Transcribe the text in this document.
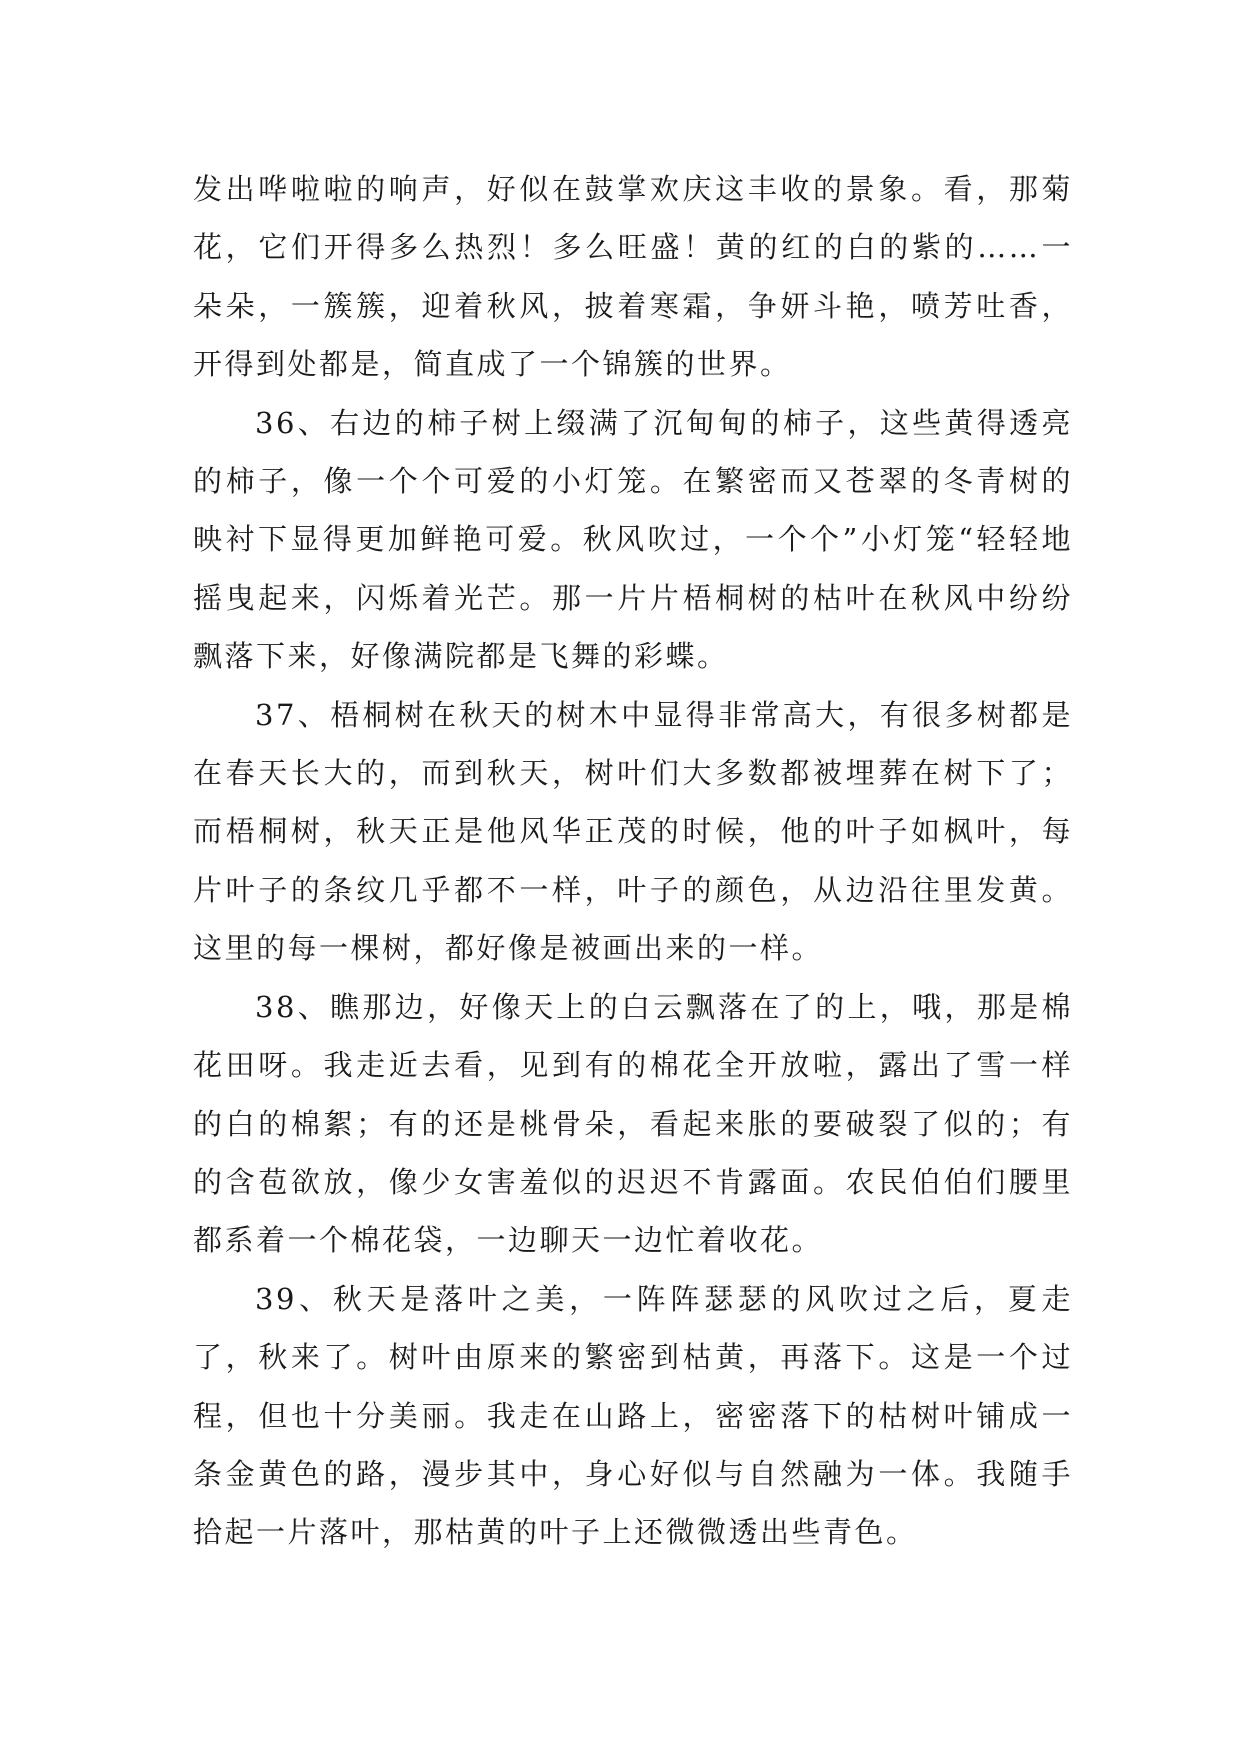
发出哗啦啦的响声，好似在鼓掌欢庆这丰收的景象。看，那菊花，它们开得多么热烈！多么旺盛！黄的红的白的紫的……一朵朵，一簇簇，迎着秋风，披着寒霜，争妍斗艳，喷芳吐香，开得到处都是，简直成了一个锦簇的世界。

36、右边的柿子树上缀满了沉甸甸的柿子，这些黄得透亮的柿子，像一个个可爱的小灯笼。在繁密而又苍翠的冬青树的映衬下显得更加鲜艳可爱。秋风吹过，一个个”小灯笼“轻轻地摇曳起来，闪烁着光芒。那一片片梧桐树的枯叶在秋风中纷纷飘落下来，好像满院都是飞舞的彩蝶。

37、梧桐树在秋天的树木中显得非常高大，有很多树都是在春天长大的，而到秋天，树叶们大多数都被埋葬在树下了；而梧桐树，秋天正是他风华正茂的时候，他的叶子如枫叶，每片叶子的条纹几乎都不一样，叶子的颜色，从边沿往里发黄。这里的每一棵树，都好像是被画出来的一样。

38、瞧那边，好像天上的白云飘落在了的上，哦，那是棉花田呀。我走近去看，见到有的棉花全开放啦，露出了雪一样的白的棉絮；有的还是桃骨朵，看起来胀的要破裂了似的；有的含苞欲放，像少女害羞似的迟迟不肯露面。农民伯伯们腰里都系着一个棉花袋，一边聊天一边忙着收花。

39、秋天是落叶之美，一阵阵瑟瑟的风吹过之后，夏走了，秋来了。树叶由原来的繁密到枯黄，再落下。这是一个过程，但也十分美丽。我走在山路上，密密落下的枯树叶铺成一条金黄色的路，漫步其中，身心好似与自然融为一体。我随手拾起一片落叶，那枯黄的叶子上还微微透出些青色。
